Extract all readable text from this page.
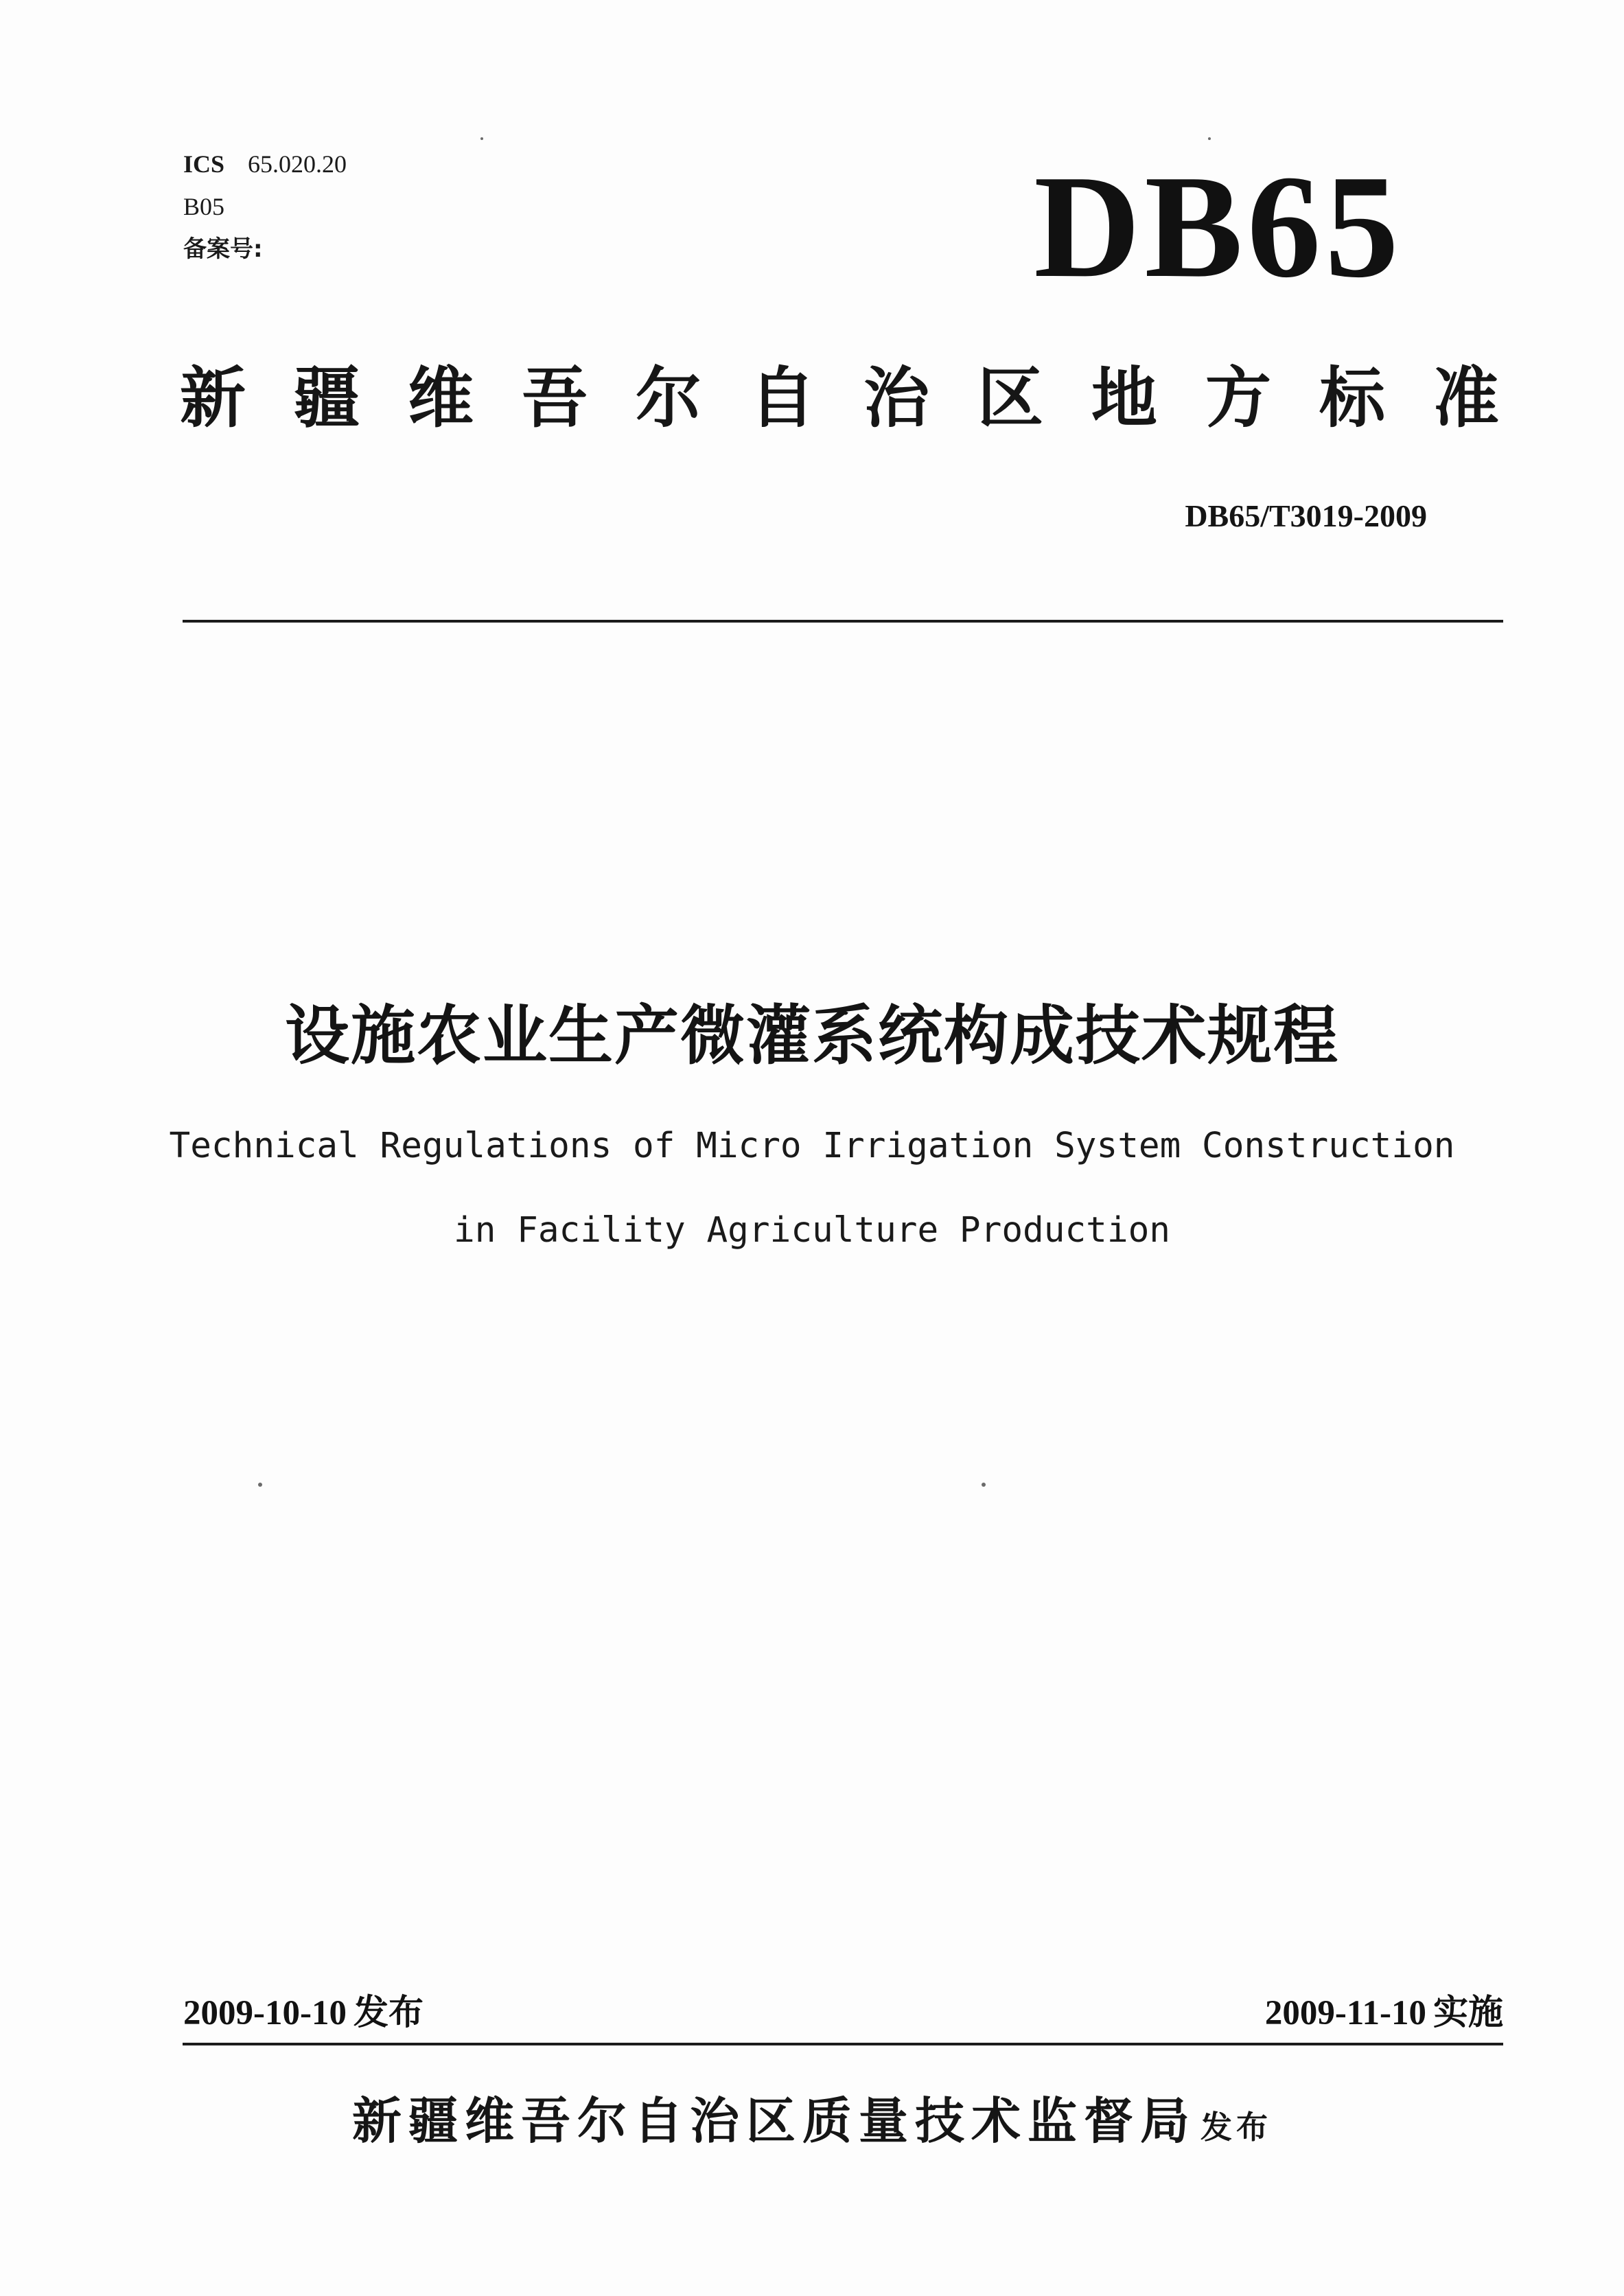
ICS 65.020.20
B05
备案号:	DB65
新疆维吾尔自治区地方标准
DB65/T3019-2009
设施农业生产微灌系统构成技术规程
Technical Regulations of Micro Irrigation System Construction
in Facility Agriculture Production
2009-10-10 发布	2009-11-10 实施
新疆维吾尔自治区质量技术监督局 发布
